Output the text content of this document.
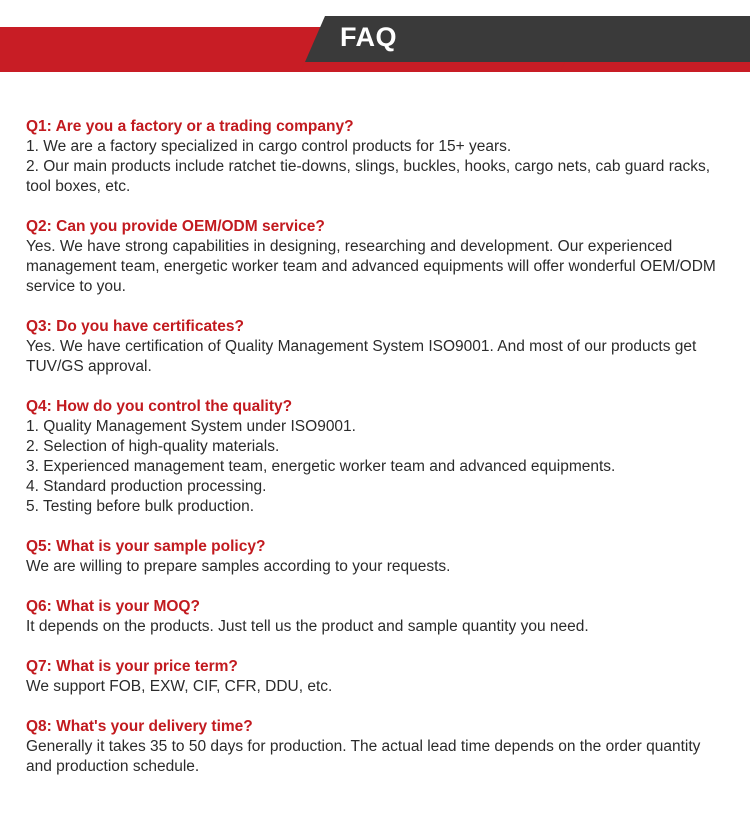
FAQ

Q1: Are you a factory or a trading company?

1. We are a factory specialized in cargo control products for 15+ years.

2. Our main products include ratchet tie-downs, slings, buckles, hooks, cargo nets, cab guard racks, tool boxes, etc.

Q2: Can you provide OEM/ODM service?

Yes. We have strong capabilities in designing, researching and development. Our experienced management team, energetic worker team and advanced equipments will offer wonderful OEM/ODM service to you.

Q3: Do you have certificates?

Yes. We have certification of Quality Management System ISO9001. And most of our products get TUV/GS approval.

Q4: How do you control the quality?

1. Quality Management System under ISO9001.

2. Selection of high-quality materials.

3. Experienced management team, energetic worker team and advanced equipments.

4. Standard production processing.

5. Testing before bulk production.

Q5: What is your sample policy?

We are willing to prepare samples according to your requests.

Q6: What is your MOQ?

It depends on the products. Just tell us the product and sample quantity you need.

Q7: What is your price term?

We support FOB, EXW, CIF, CFR, DDU, etc.

Q8: What's your delivery time?

Generally it takes 35 to 50 days for production. The actual lead time depends on the order quantity and production schedule.
